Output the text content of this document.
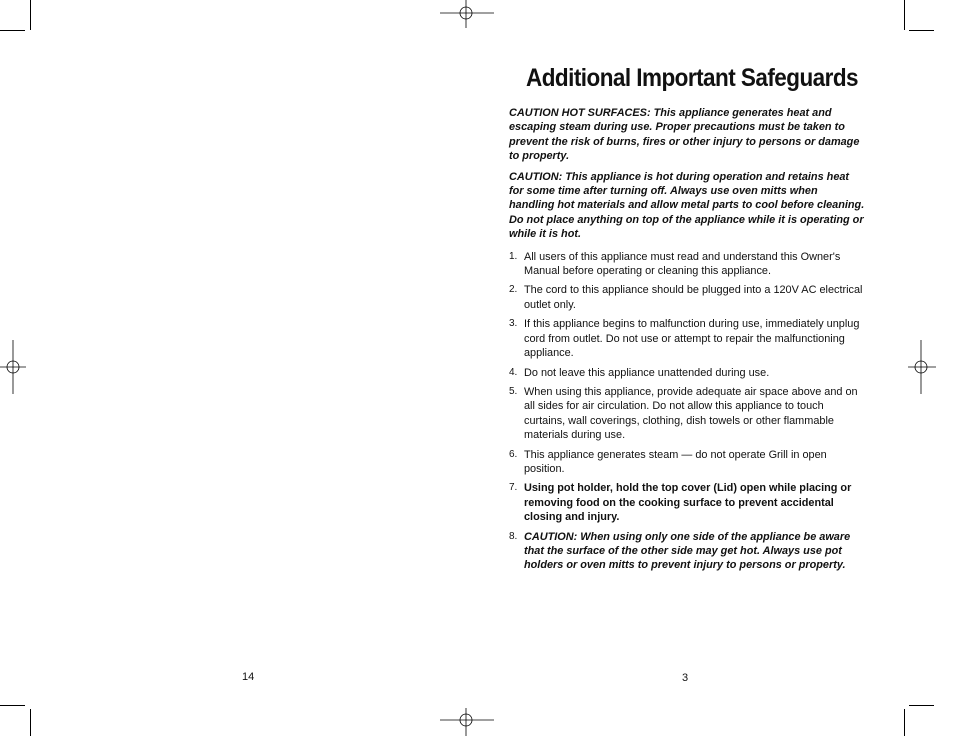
Additional Important Safeguards

CAUTION HOT SURFACES: This appliance generates heat and escaping steam during use. Proper precautions must be taken to prevent the risk of burns, fires or other injury to persons or damage to property.

CAUTION: This appliance is hot during operation and retains heat for some time after turning off. Always use oven mitts when handling hot materials and allow metal parts to cool before cleaning. Do not place anything on top of the appliance while it is operating or while it is hot.

1. All users of this appliance must read and understand this Owner's Manual before operating or cleaning this appliance.
2. The cord to this appliance should be plugged into a 120V AC electrical outlet only.
3. If this appliance begins to malfunction during use, immediately unplug cord from outlet. Do not use or attempt to repair the malfunctioning appliance.
4. Do not leave this appliance unattended during use.
5. When using this appliance, provide adequate air space above and on all sides for air circulation. Do not allow this appliance to touch curtains, wall coverings, clothing, dish towels or other flammable materials during use.
6. This appliance generates steam — do not operate Grill in open position.
7. Using pot holder, hold the top cover (Lid) open while placing or removing food on the cooking surface to prevent accidental closing and injury.
8. CAUTION: When using only one side of the appliance be aware that the surface of the other side may get hot. Always use pot holders or oven mitts to prevent injury to persons or property.
14	3
